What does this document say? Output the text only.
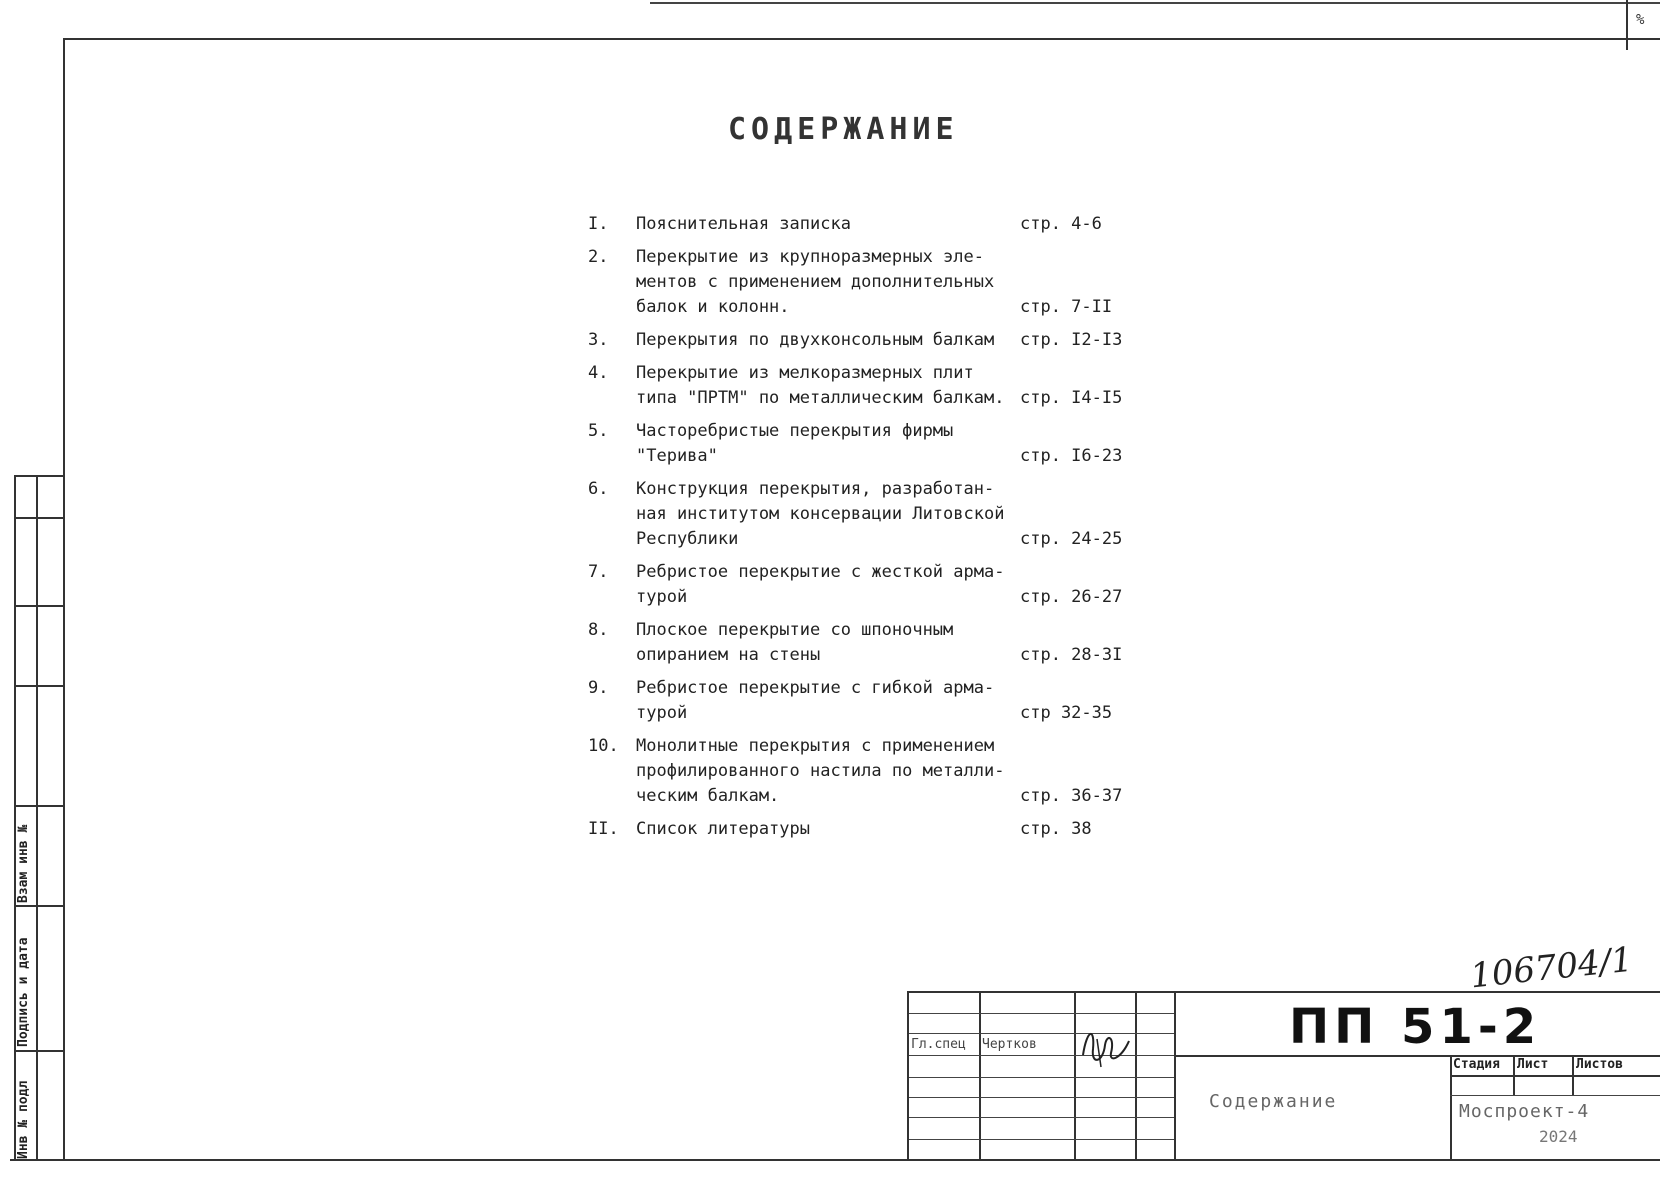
%
Инв № подл
Подпись и дата
Взам инв №
СОДЕРЖАНИЕ
I.	Пояснительная записка	стр. 4-6
2.	Перекрытие из крупноразмерных эле-
ментов с применением дополнительных
балок и колонн.	стр. 7-II
3.	Перекрытия по двухконсольным балкам	стр. I2-I3
4.	Перекрытие из мелкоразмерных плит
типа "ПРТМ" по металлическим балкам. стр. I4-I5
5.	Часторебристые перекрытия фирмы
"Терива"	стр. I6-23
6.	Конструкция перекрытия, разработан-
ная институтом консервации Литовской
Республики	стр. 24-25
7.	Ребристое перекрытие с жесткой арма-
турой	стр. 26-27
8.	Плоское перекрытие со шпоночным
опиранием на стены	стр. 28-3I
9.	Ребристое перекрытие с гибкой арма-
турой	стр 32-35
10.	Монолитные перекрытия с применением
профилированного настила по металли-
ческим балкам.	стр. 36-37
II.	Список литературы	стр. 38
106704/1
Гл.спец Чертков	ПП 51-2
Содержание
Стадия Лист Листов
Моспроект-4
2024
